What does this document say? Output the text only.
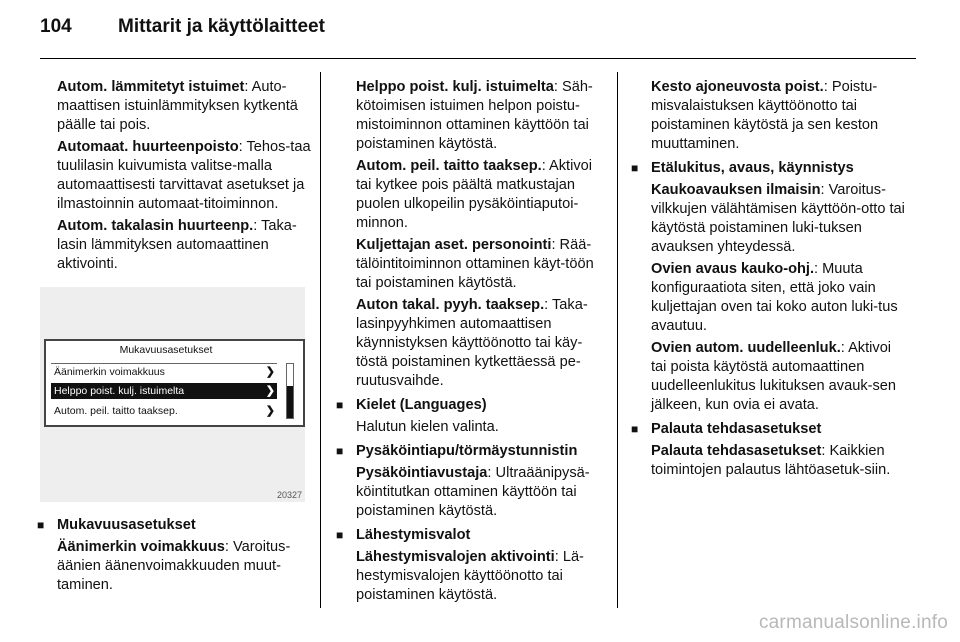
104 Mittarit ja käyttölaitteet

Autom. lämmitetyt istuimet: Auto-maattisen istuinlämmityksen kytkentä päälle tai pois.

Automaat. huurteenpoisto: Tehos-taa tuulilasin kuivumista valitse-malla automaattisesti tarvittavat asetukset ja ilmastoinnin automaat-titoiminnon.

Autom. takalasin huurteenp.: Taka-lasin lämmityksen automaattinen aktivointi.

Mukavuusasetukset
Äänimerkin voimakkuus	❯
Helppo poist. kulj. istuimelta	❯
Autom. peil. taitto taaksep.	❯
20327
■ Mukavuusasetukset

Äänimerkin voimakkuus: Varoitus-äänien äänenvoimakkuuden muut-taminen.

Helppo poist. kulj. istuimelta: Säh-kötoimisen istuimen helpon poistu-mistoiminnon ottaminen käyttöön tai poistaminen käytöstä.

Autom. peil. taitto taaksep.: Aktivoi tai kytkee pois päältä matkustajan puolen ulkopeilin pysäköintiaputoi-minnon.

Kuljettajan aset. personointi: Rää-tälöintitoiminnon ottaminen käyt-töön tai poistaminen käytöstä.

Auton takal. pyyh. taaksep.: Taka-lasinpyyhkimen automaattisen käynnistyksen käyttöönotto tai käy-töstä poistaminen kytkettäessä pe-ruutusvaihde.

■ Kielet (Languages)

Halutun kielen valinta.

■ Pysäköintiapu/törmäystunnistin

Pysäköintiavustaja: Ultraäänipysä-köintitutkan ottaminen käyttöön tai poistaminen käytöstä.

■ Lähestymisvalot

Lähestymisvalojen aktivointi: Lä-hestymisvalojen käyttöönotto tai poistaminen käytöstä.

Kesto ajoneuvosta poist.: Poistu-misvalaistuksen käyttöönotto tai poistaminen käytöstä ja sen keston muuttaminen.

■ Etälukitus, avaus, käynnistys

Kaukoavauksen ilmaisin: Varoitus-vilkkujen välähtämisen käyttöön-otto tai käytöstä poistaminen luki-tuksen avauksen yhteydessä.

Ovien avaus kauko-ohj.: Muuta konfiguraatiota siten, että joko vain kuljettajan oven tai koko auton luki-tus avautuu.

Ovien autom. uudelleenluk.: Aktivoi tai poista käytöstä automaattinen uudelleenlukitus lukituksen avauk-sen jälkeen, kun ovia ei avata.

■ Palauta tehdasasetukset

Palauta tehdasasetukset: Kaikkien toimintojen palautus lähtöasetuk-siin.

carmanualsonline.info
